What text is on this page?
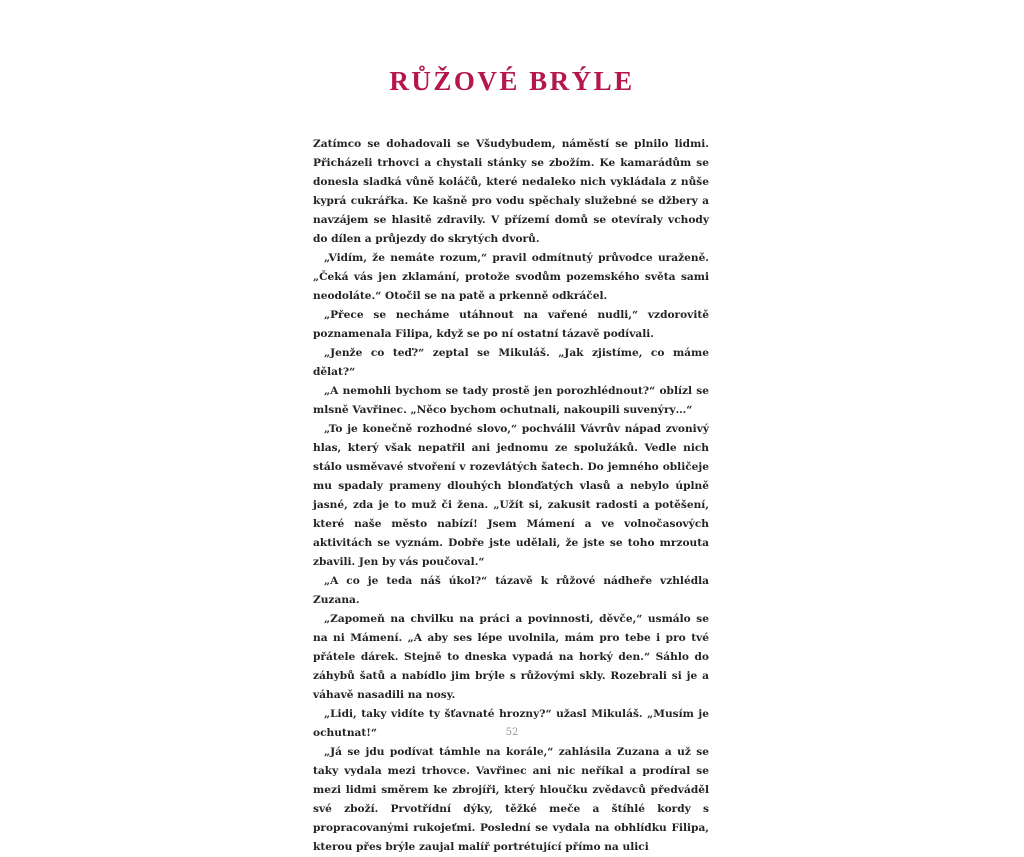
RŮŽOVÉ BRÝLE

Zatímco se dohadovali se Všudybudem, náměstí se plnilo lidmi. Přicházeli trhovci a chystali stánky se zbožím. Ke kamarádům se donesla sladká vůně koláčů, které nedaleko nich vykládala z nůše kyprá cukrářka. Ke kašně pro vodu spěchaly služebné se džbery a navzájem se hlasitě zdravily. V přízemí domů se otevíraly vchody do dílen a průjezdy do skrytých dvorů.

„Vidím, že nemáte rozum,“ pravil odmítnutý průvodce uraženě. „Čeká vás jen zklamání, protože svodům pozemského světa sami neodoláte.“ Otočil se na patě a prkenně odkráčel.

„Přece se necháme utáhnout na vařené nudli,“ vzdorovitě poznamenala Filipa, když se po ní ostatní tázavě podívali.

„Jenže co teď?“ zeptal se Mikuláš. „Jak zjistíme, co máme dělat?“

„A nemohli bychom se tady prostě jen porozhlédnout?“ oblízl se mlsně Vavřinec. „Něco bychom ochutnali, nakoupili suvenýry…“

„To je konečně rozhodné slovo,“ pochválil Vávrův nápad zvonivý hlas, který však nepatřil ani jednomu ze spolužáků. Vedle nich stálo usměvavé stvoření v rozevlátých šatech. Do jemného obličeje mu spadaly prameny dlouhých blonďatých vlasů a nebylo úplně jasné, zda je to muž či žena. „Užít si, zakusit radosti a potěšení, které naše město nabízí! Jsem Mámení a ve volnočasových aktivitách se vyznám. Dobře jste udělali, že jste se toho mrzouta zbavili. Jen by vás poučoval.“

„A co je teda náš úkol?“ tázavě k růžové nádheře vzhlédla Zuzana.

„Zapomeň na chvilku na práci a povinnosti, děvče,“ usmálo se na ni Mámení. „A aby ses lépe uvolnila, mám pro tebe i pro tvé přátele dárek. Stejně to dneska vypadá na horký den.“ Sáhlo do záhybů šatů a nabídlo jim brýle s růžovými skly. Rozebrali si je a váhavě nasadili na nosy.

„Lidi, taky vidíte ty šťavnaté hrozny?“ užasl Mikuláš. „Musím je ochutnat!“

„Já se jdu podívat támhle na korále,“ zahlásila Zuzana a už se taky vydala mezi trhovce. Vavřinec ani nic neříkal a prodíral se mezi lidmi směrem ke zbrojíři, který hloučku zvědavců předváděl své zboží. Prvotřídní dýky, těžké meče a štíhlé kordy s propracovanými rukojeťmi. Poslední se vydala na obhlídku Filipa, kterou přes brýle zaujal malíř portrétující přímo na ulici

52
